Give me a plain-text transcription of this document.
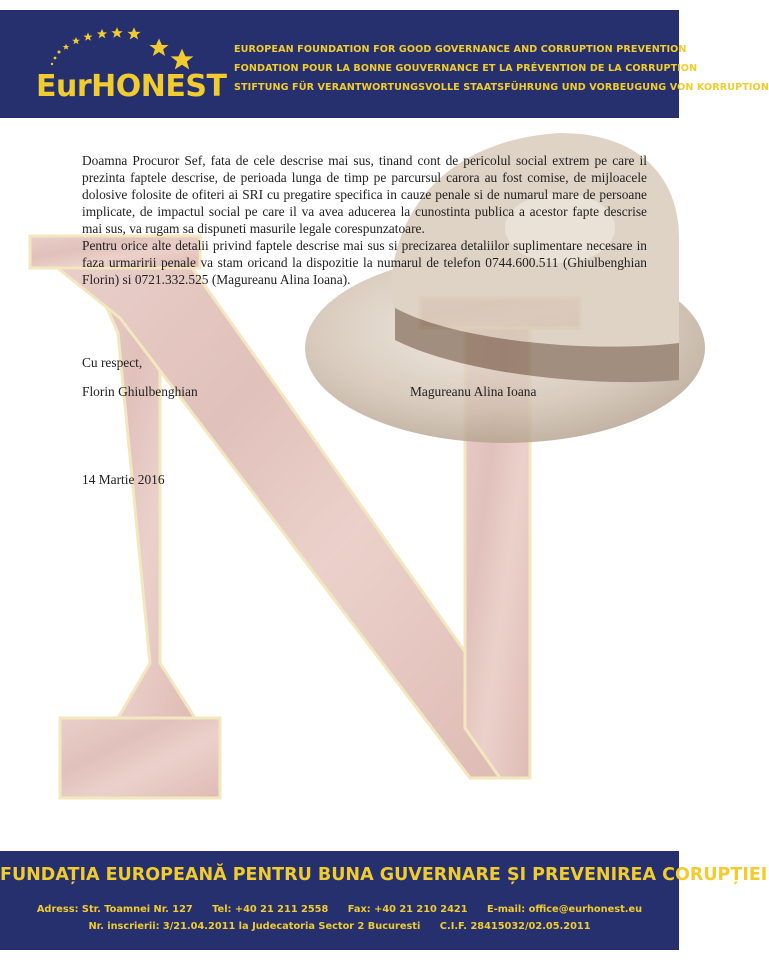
EurHONEST
EUROPEAN FOUNDATION FOR GOOD GOVERNANCE AND CORRUPTION PREVENTION
FONDATION POUR LA BONNE GOUVERNANCE ET LA PRÉVENTION DE LA CORRUPTION
STIFTUNG FÜR VERANTWORTUNGSVOLLE STAATSFÜHRUNG UND VORBEUGUNG VON KORRUPTION

Doamna Procuror Sef, fata de cele descrise mai sus, tinand cont de pericolul social extrem pe care il prezinta faptele descrise, de perioada lunga de timp pe parcursul carora au fost comise, de mijloacele dolosive folosite de ofiteri ai SRI cu pregatire specifica in cauze penale si de numarul mare de persoane implicate, de impactul social pe care il va avea aducerea la cunostinta publica a acestor fapte descrise mai sus, va rugam sa dispuneti masurile legale corespunzatoare.

Pentru orice alte detalii privind faptele descrise mai sus si precizarea detaliilor suplimentare necesare in faza urmaririi penale va stam oricand la dispozitie la numarul de telefon 0744.600.511 (Ghiulbenghian Florin) si 0721.332.525 (Magureanu Alina Ioana).

Cu respect,
Florin Ghiulbenghian	Magureanu Alina Ioana
14 Martie 2016
FUNDAȚIA EUROPEANĂ PENTRU BUNA GUVERNARE ȘI PREVENIREA CORUPȚIEI
Adress: Str. Toamnei Nr. 127 Tel: +40 21 211 2558 Fax: +40 21 210 2421 E-mail: office@eurhonest.eu
Nr. inscrierii: 3/21.04.2011 la Judecatoria Sector 2 Bucuresti C.I.F. 28415032/02.05.2011
